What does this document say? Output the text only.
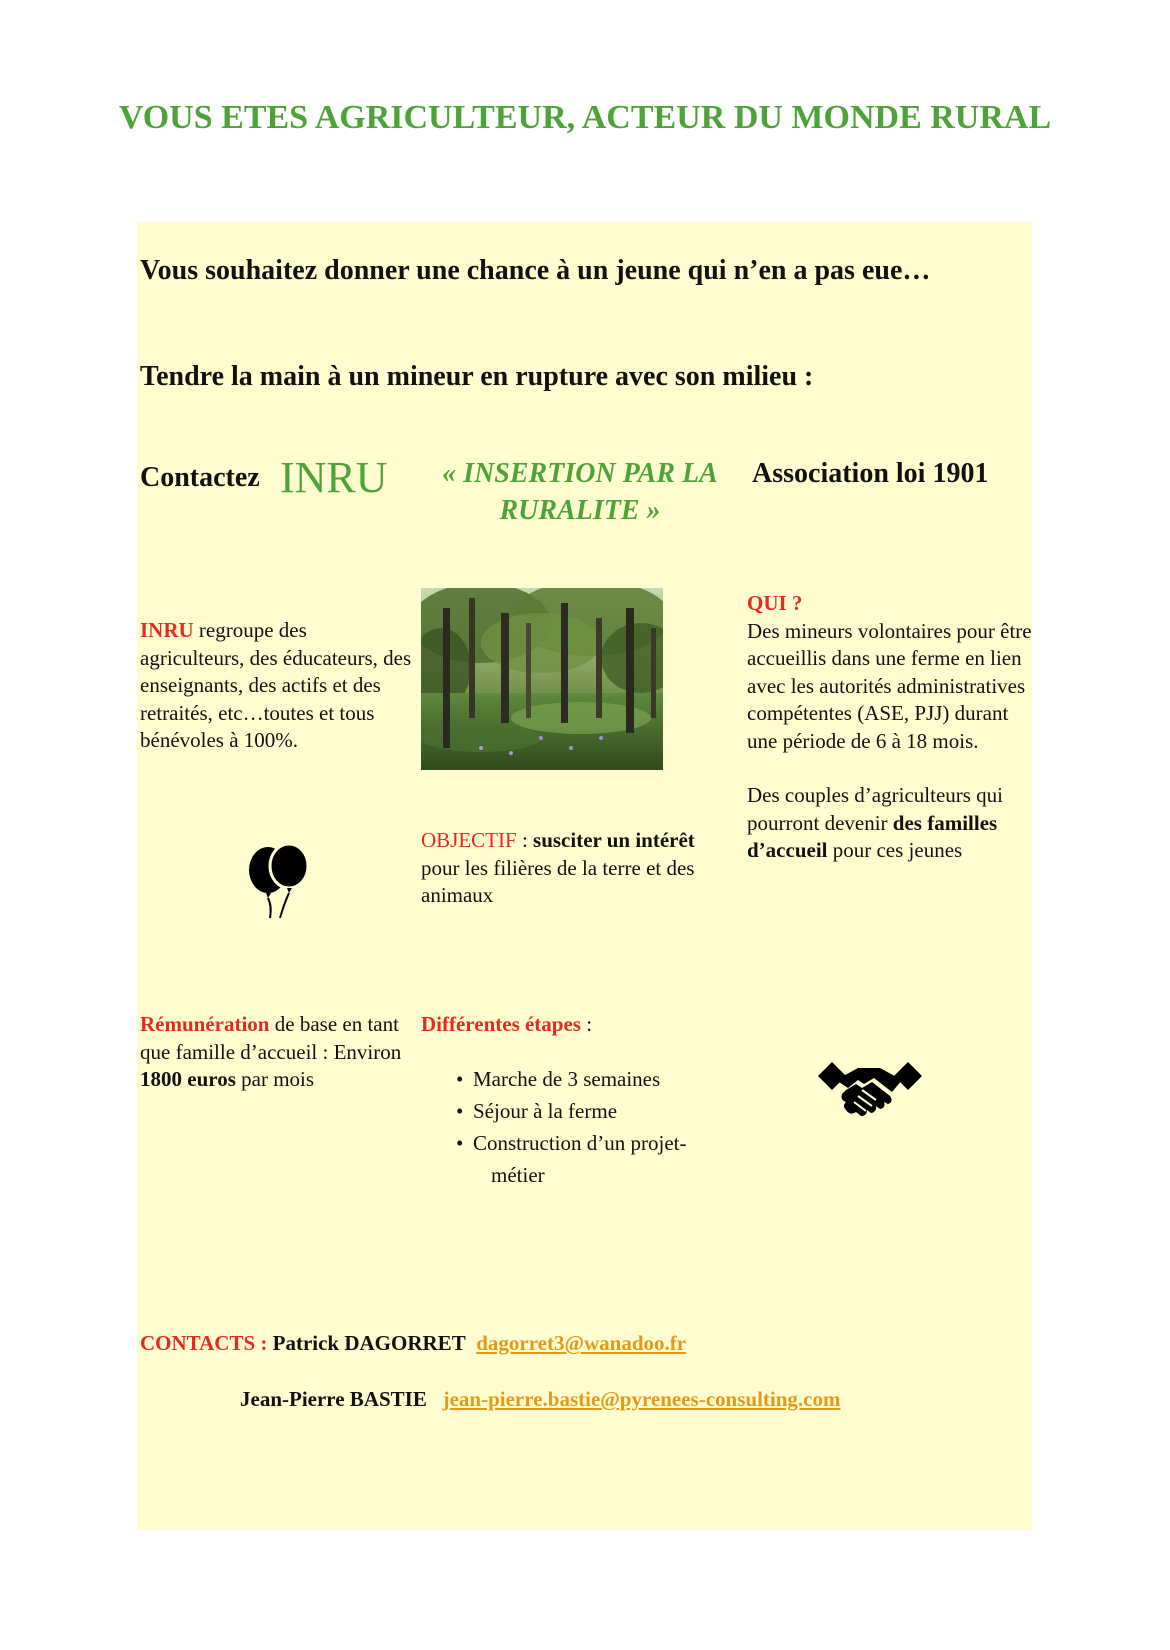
VOUS ETES AGRICULTEUR, ACTEUR DU MONDE RURAL
Vous souhaitez donner une chance à un jeune qui n’en a pas eue…
Tendre la main à un mineur en rupture avec son milieu :
Contactez INRU	« INSERTION PAR LA RURALITE »
Association loi 1901
INRU regroupe des agriculteurs, des éducateurs, des enseignants, des actifs et des retraités, etc…toutes et tous bénévoles à 100%.
QUI ?
Des mineurs volontaires pour être accueillis dans une ferme en lien avec les autorités administratives compétentes (ASE, PJJ) durant une période de 6 à 18 mois.
Des couples d’agriculteurs qui pourront devenir des familles d’accueil pour ces jeunes
OBJECTIF : susciter un intérêt pour les filières de la terre et des animaux
Rémunération de base en tant que famille d’accueil : Environ 1800 euros par mois
Différentes étapes :
• Marche de 3 semaines
• Séjour à la ferme
• Construction d’un projet-
métier
CONTACTS : Patrick DAGORRET dagorret3@wanadoo.fr
Jean-Pierre BASTIE jean-pierre.bastie@pyrenees-consulting.com
